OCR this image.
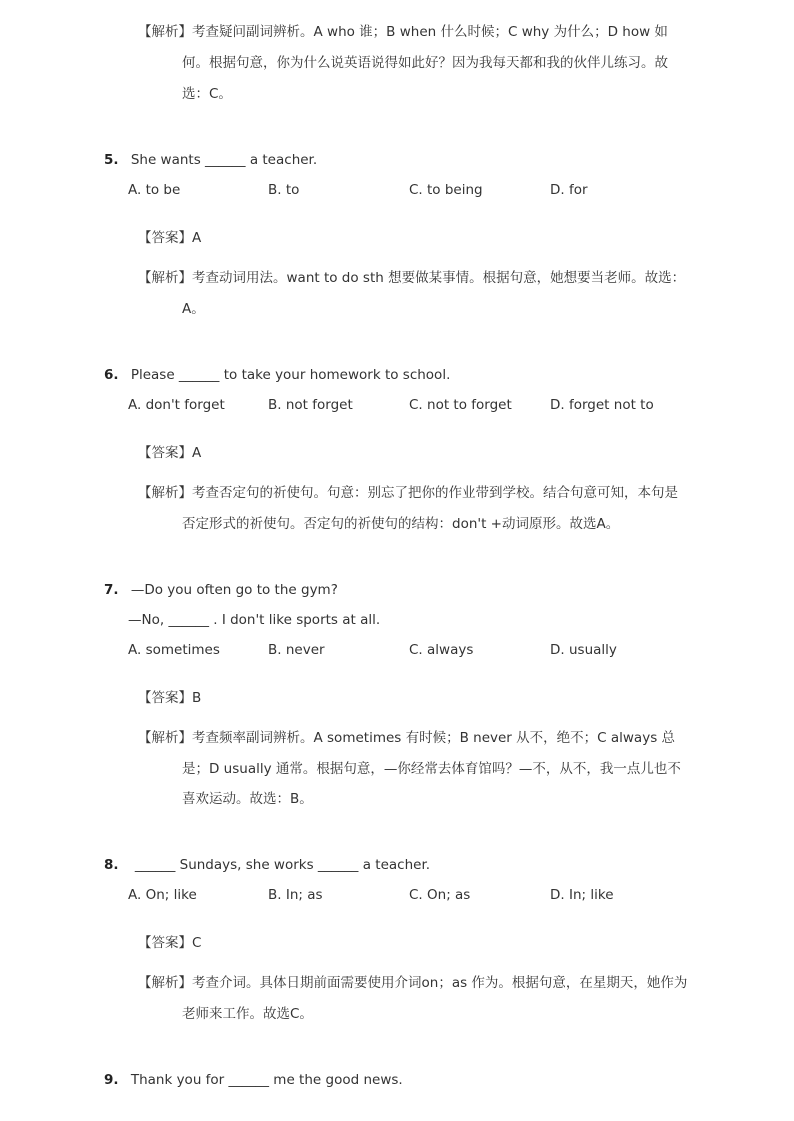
【解析】考查疑问副词辨析。A who 谁；B when 什么时候；C why 为什么；D how 如
何。根据句意，你为什么说英语说得如此好？因为我每天都和我的伙伴儿练习。故
选：C。
5. She wants ______ a teacher.
A. to be	B. to	C. to being	D. for
【答案】A
【解析】考查动词用法。want to do sth 想要做某事情。根据句意，她想要当老师。故选：
A。
6. Please ______ to take your homework to school.
A. don't forget	B. not forget	C. not to forget	D. forget not to
【答案】A
【解析】考查否定句的祈使句。句意：别忘了把你的作业带到学校。结合句意可知，本句是
否定形式的祈使句。否定句的祈使句的结构：don't +动词原形。故选A。
7. —Do you often go to the gym?
—No, ______ . I don't like sports at all.
A. sometimes	B. never	C. always	D. usually
【答案】B
【解析】考查频率副词辨析。A sometimes 有时候；B never 从不，绝不；C always 总
是；D usually 通常。根据句意，—你经常去体育馆吗？—不，从不，我一点儿也不
喜欢运动。故选：B。
8. ______ Sundays, she works ______ a teacher.
A. On; like	B. In; as	C. On; as	D. In; like
【答案】C
【解析】考查介词。具体日期前面需要使用介词on；as 作为。根据句意，在星期天，她作为
老师来工作。故选C。
9. Thank you for ______ me the good news.
